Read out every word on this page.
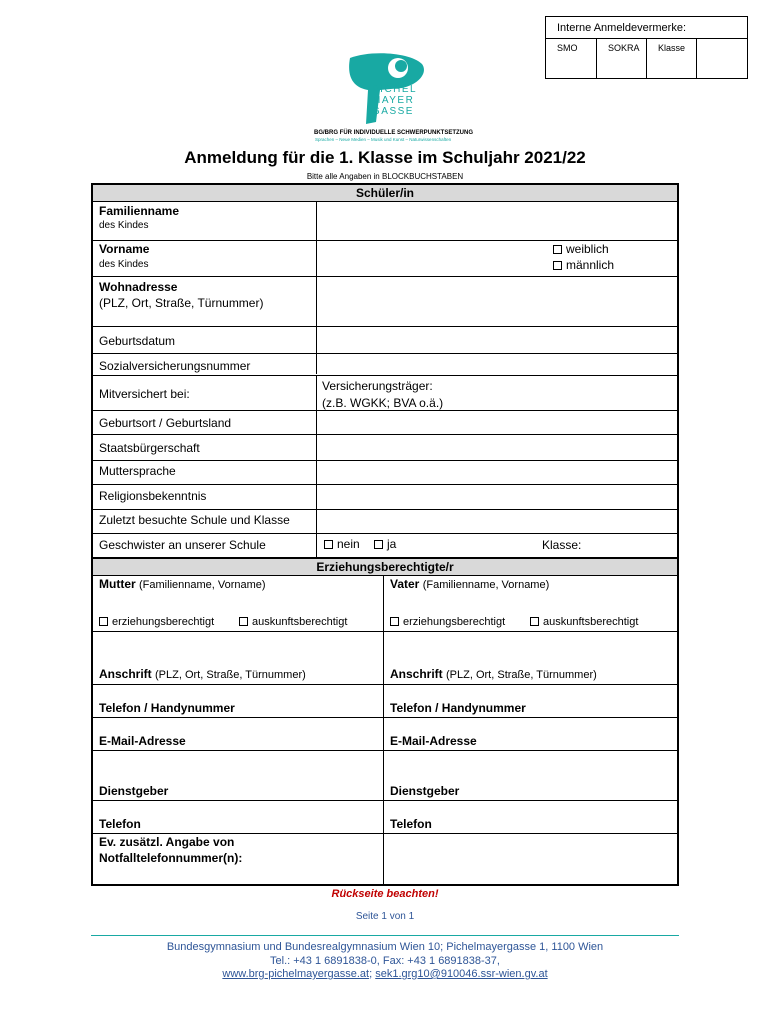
Interne Anmeldevermerke:
SMO	SOKRA	Klasse
PICHEL
MAYER
GASSE
BG/BRG FÜR INDIVIDUELLE SCHWERPUNKTSETZUNG
Sprachen – Neue Medien – Musik und Kunst – Naturwissenschaften
Anmeldung für die 1. Klasse im Schuljahr 2021/22
Bitte alle Angaben in BLOCKBUCHSTABEN
Schüler/in
Familienname
des Kindes
Vorname
des Kindes
weiblich
männlich
Wohnadresse
(PLZ, Ort, Straße, Türnummer)
Geburtsdatum
Sozialversicherungsnummer
Mitversichert bei:
Versicherungsträger:
(z.B. WGKK; BVA o.ä.)
Geburtsort / Geburtsland
Staatsbürgerschaft
Muttersprache
Religionsbekenntnis
Zuletzt besuchte Schule und Klasse
Geschwister an unserer Schule	nein	ja	Klasse:
Erziehungsberechtigte/r
Mutter (Familienname, Vorname)	Vater (Familienname, Vorname)
erziehungsberechtigt	auskunftsberechtigt	erziehungsberechtigt	auskunftsberechtigt
Anschrift (PLZ, Ort, Straße, Türnummer)	Anschrift (PLZ, Ort, Straße, Türnummer)
Telefon / Handynummer	Telefon / Handynummer
E-Mail-Adresse	E-Mail-Adresse
Dienstgeber	Dienstgeber
Telefon	Telefon
Ev. zusätzl. Angabe von
Notfalltelefonnummer(n):
Rückseite beachten!
Seite 1 von 1
Bundesgymnasium und Bundesrealgymnasium Wien 10; Pichelmayergasse 1, 1100 Wien
Tel.: +43 1 6891838-0, Fax: +43 1 6891838-37,
www.brg-pichelmayergasse.at; sek1.grg10@910046.ssr-wien.gv.at
